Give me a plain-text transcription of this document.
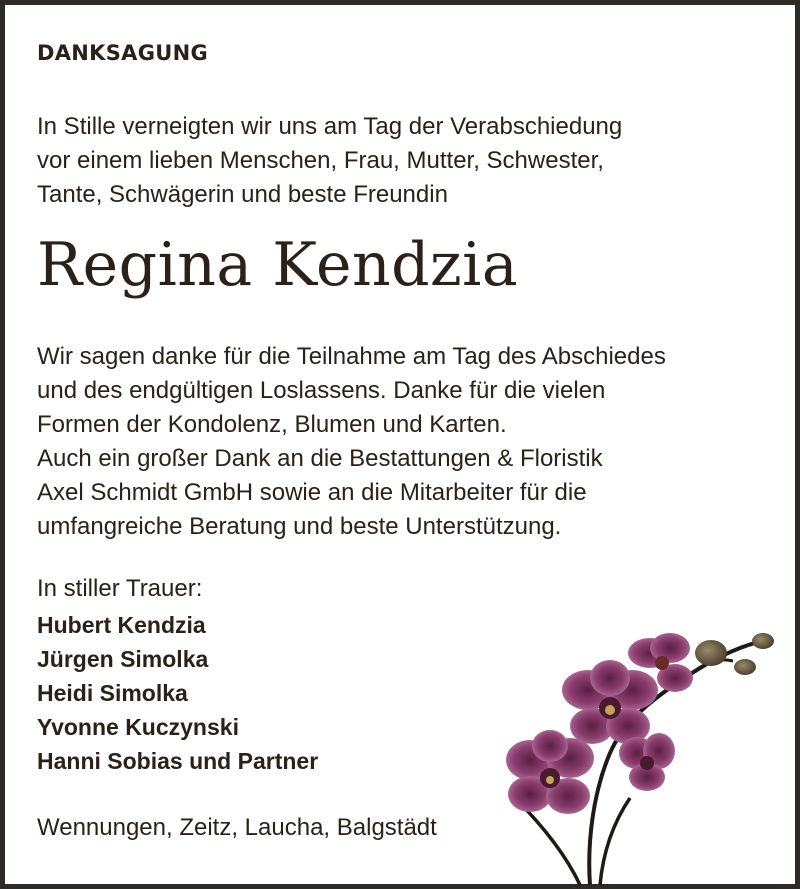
DANKSAGUNG
In Stille verneigten wir uns am Tag der Verabschiedung
vor einem lieben Menschen, Frau, Mutter, Schwester,
Tante, Schwägerin und beste Freundin
Regina Kendzia
Wir sagen danke für die Teilnahme am Tag des Abschiedes
und des endgültigen Loslassens. Danke für die vielen
Formen der Kondolenz, Blumen und Karten.
Auch ein großer Dank an die Bestattungen & Floristik
Axel Schmidt GmbH sowie an die Mitarbeiter für die
umfangreiche Beratung und beste Unterstützung.
In stiller Trauer:
Hubert Kendzia
Jürgen Simolka
Heidi Simolka
Yvonne Kuczynski
Hanni Sobias und Partner
Wennungen, Zeitz, Laucha, Balgstädt
